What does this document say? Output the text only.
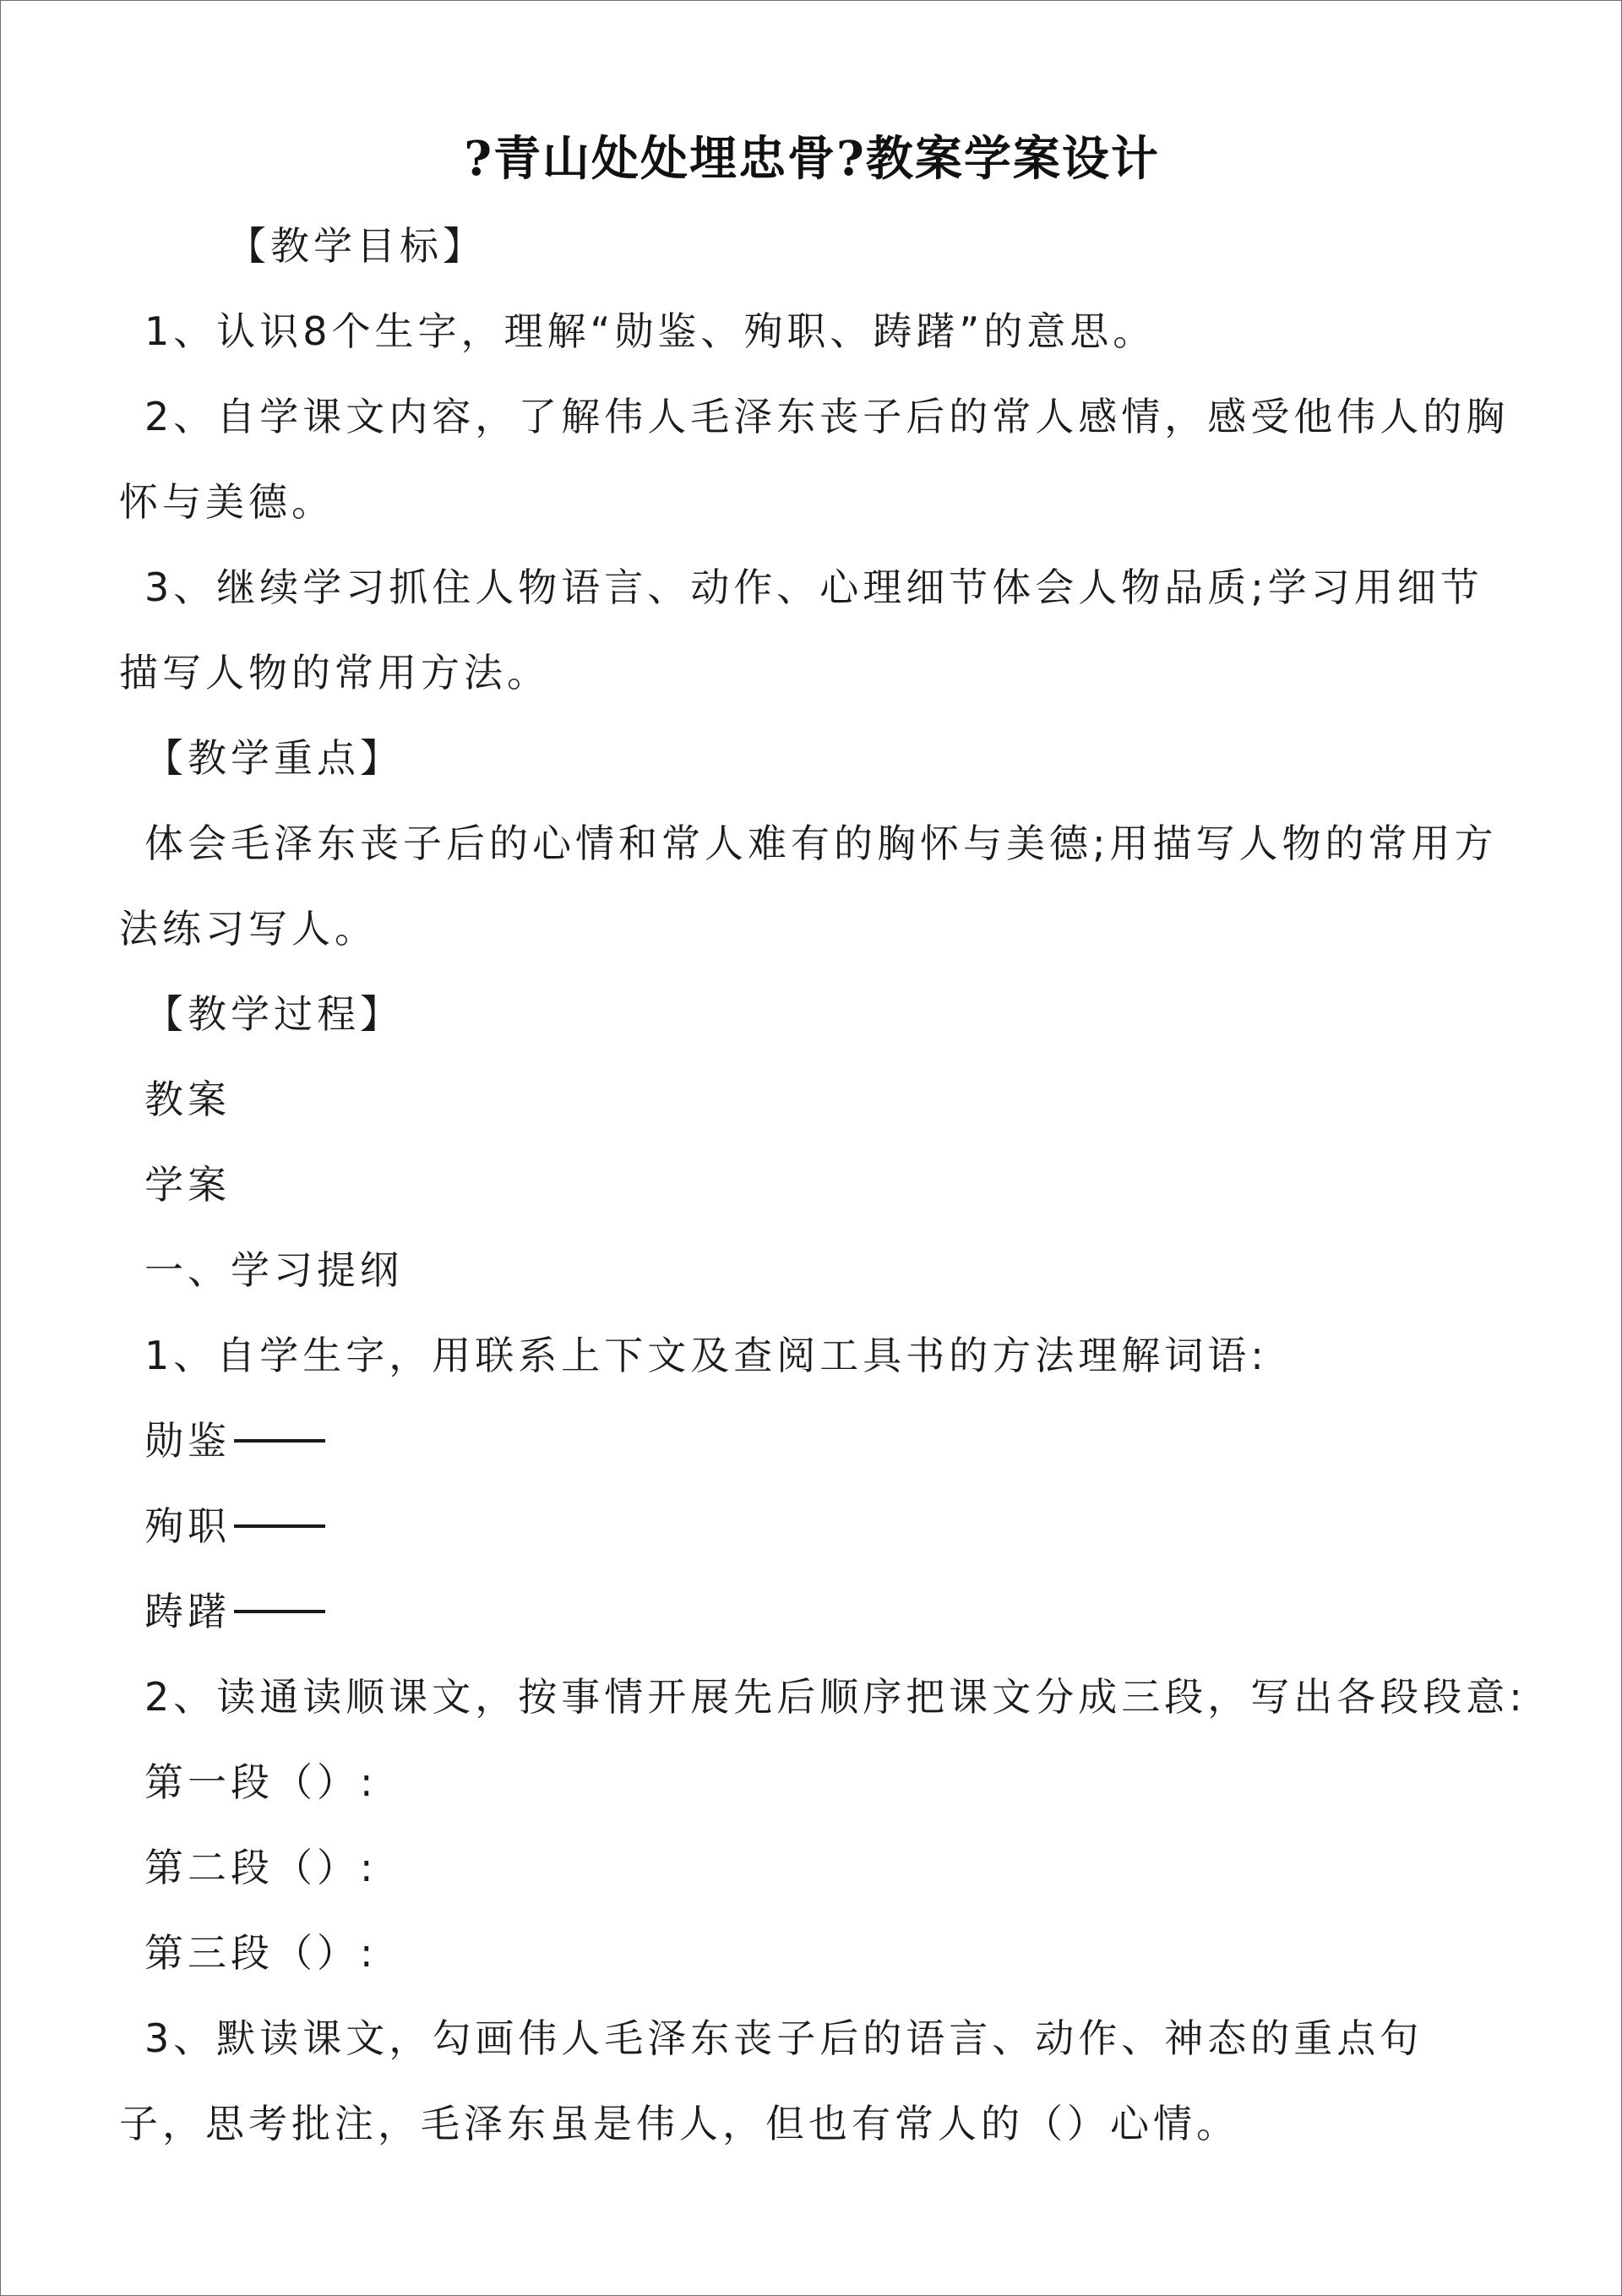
?青山处处埋忠骨?教案学案设计
【教学目标】
1、认识8个生字，理解“勋鉴、殉职、踌躇”的意思。
2、自学课文内容，了解伟人毛泽东丧子后的常人感情，感受他伟人的胸
怀与美德。
3、继续学习抓住人物语言、动作、心理细节体会人物品质;学习用细节
描写人物的常用方法。
【教学重点】
体会毛泽东丧子后的心情和常人难有的胸怀与美德;用描写人物的常用方
法练习写人。
【教学过程】
教案
学案
一、学习提纲
1、自学生字，用联系上下文及查阅工具书的方法理解词语:
勋鉴
殉职
踌躇
2、读通读顺课文，按事情开展先后顺序把课文分成三段，写出各段段意:
第一段（）:
第二段（）:
第三段（）:
3、默读课文，勾画伟人毛泽东丧子后的语言、动作、神态的重点句
子，思考批注，毛泽东虽是伟人，但也有常人的（）心情。
